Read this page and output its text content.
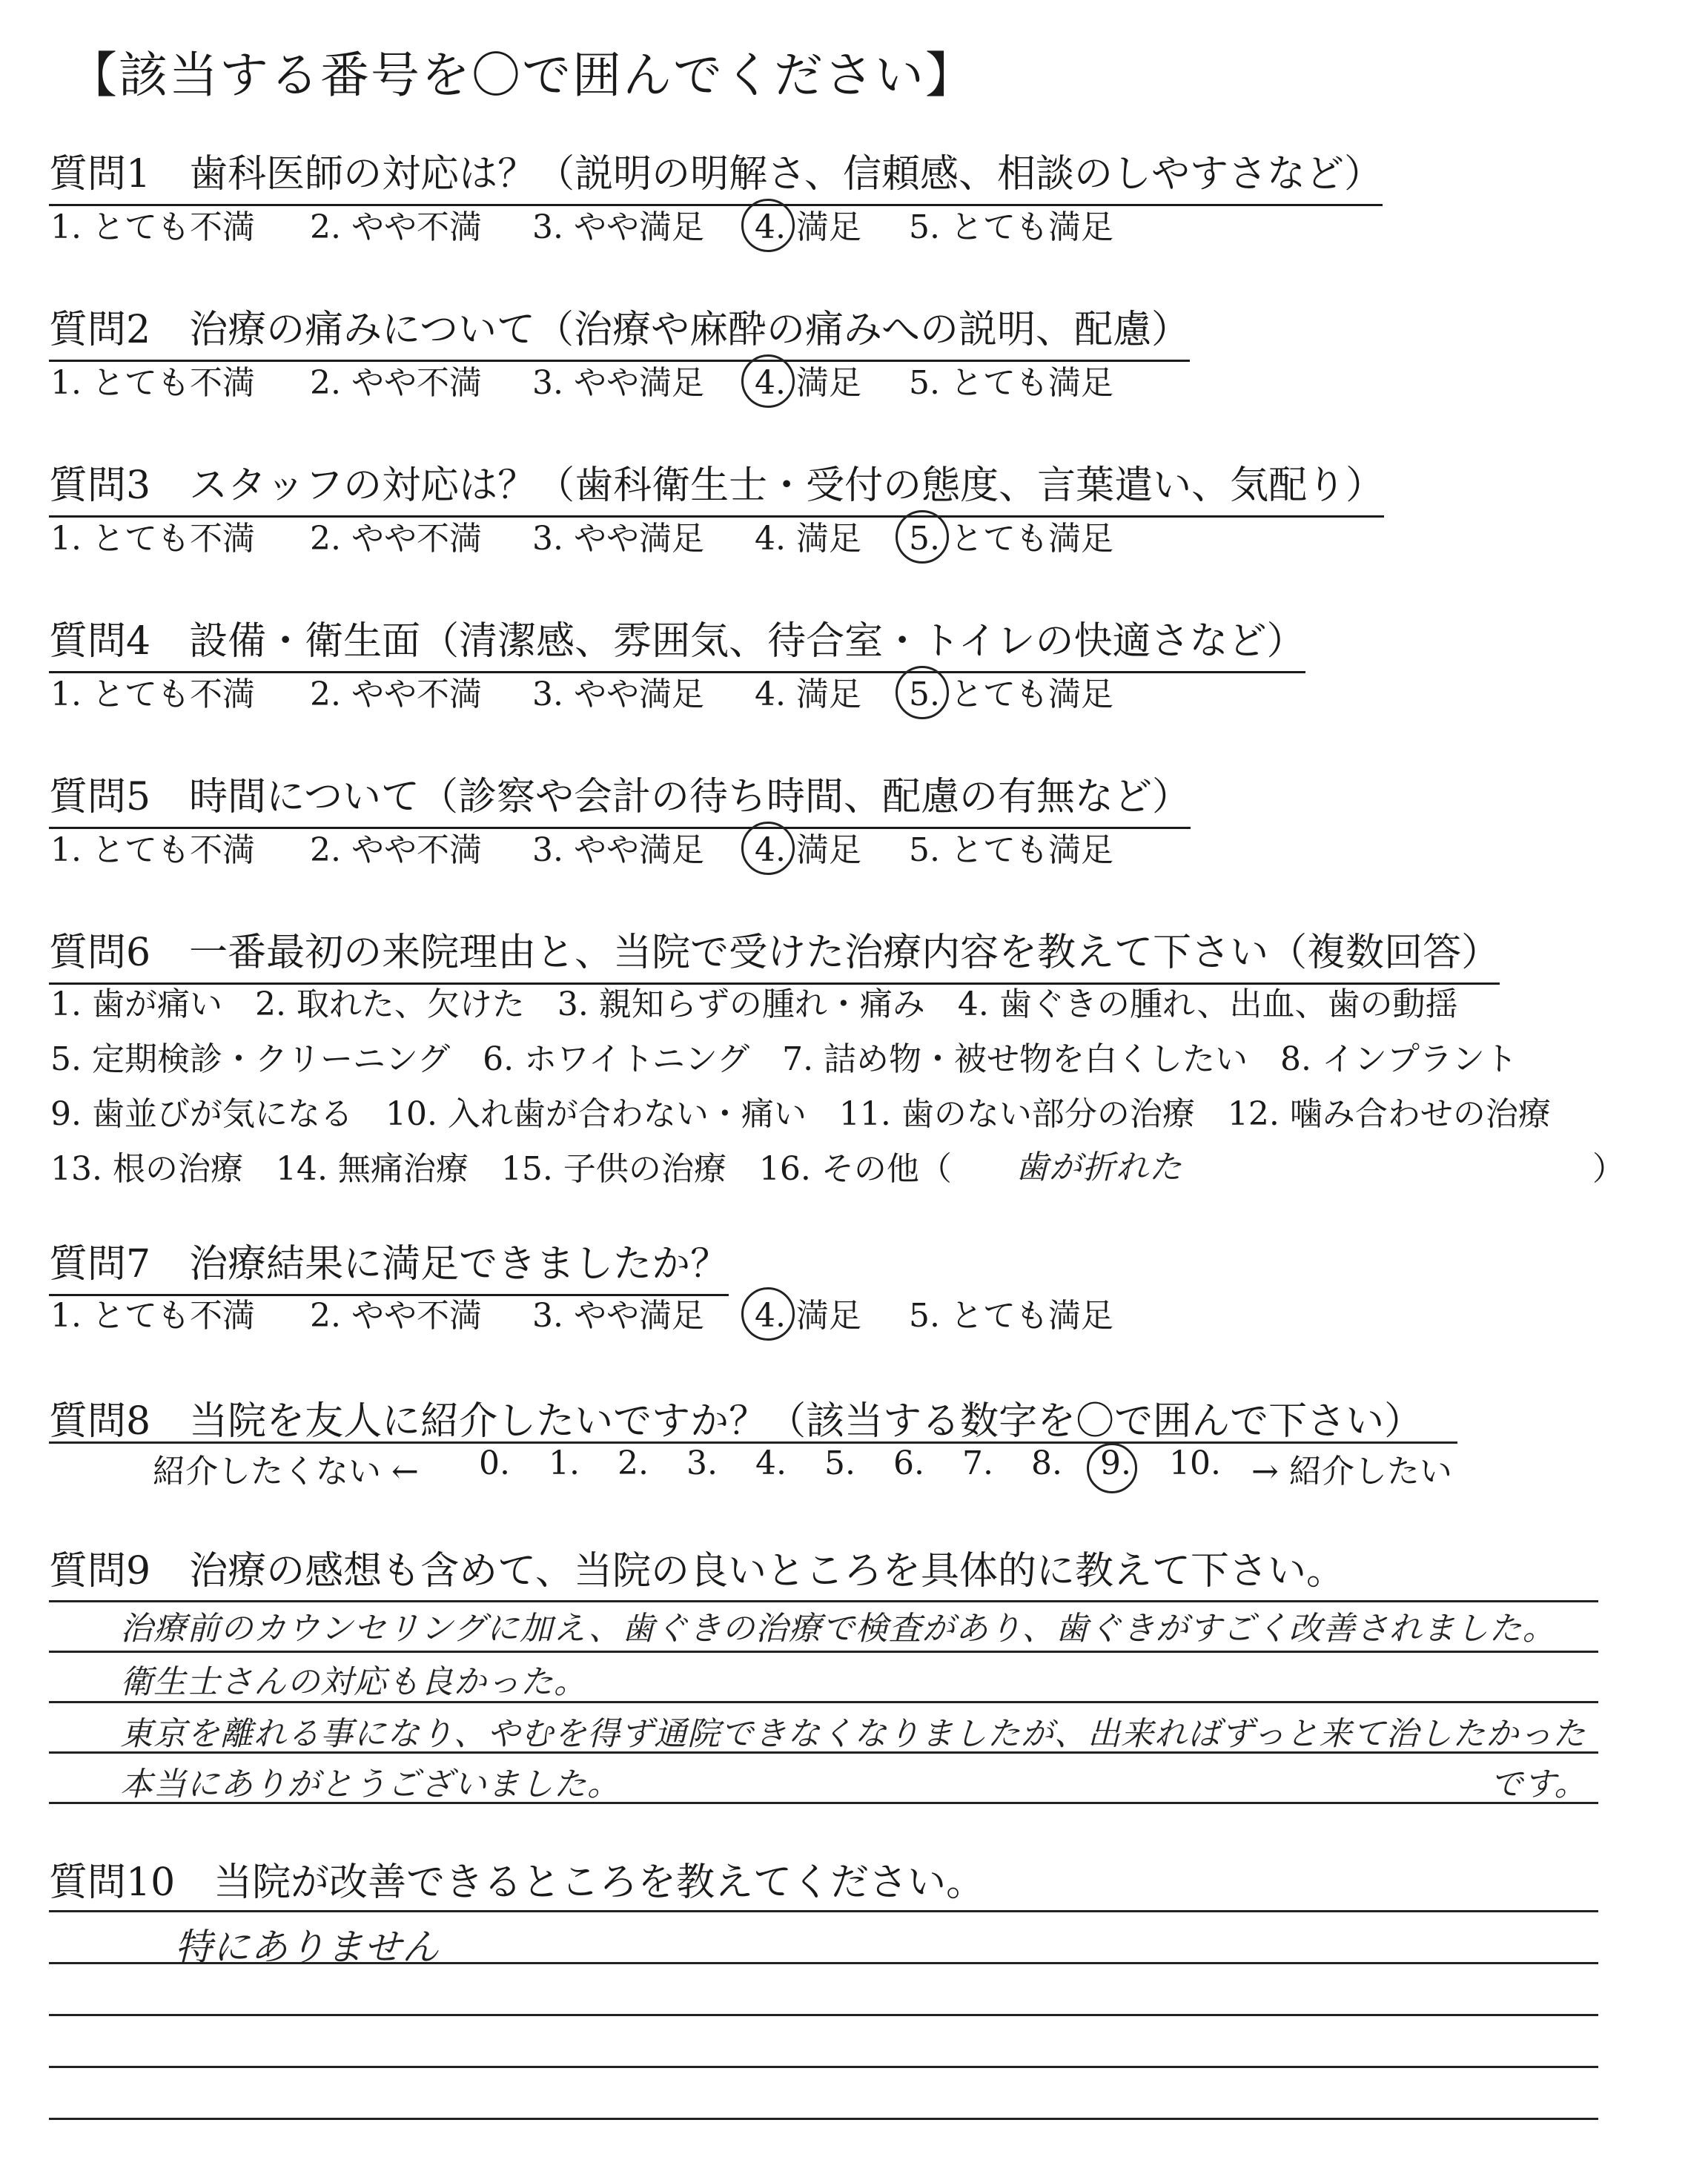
【該当する番号を〇で囲んでください】
質問1　歯科医師の対応は？（説明の明解さ、信頼感、相談のしやすさなど）
1. とても不満 2. やや不満 3. やや満足 4. 満足 5. とても満足
質問2　治療の痛みについて（治療や麻酔の痛みへの説明、配慮）
1. とても不満 2. やや不満 3. やや満足 4. 満足 5. とても満足
質問3　スタッフの対応は？（歯科衛生士・受付の態度、言葉遣い、気配り）
1. とても不満 2. やや不満 3. やや満足 4. 満足 5. とても満足
質問4　設備・衛生面（清潔感、雰囲気、待合室・トイレの快適さなど）
1. とても不満 2. やや不満 3. やや満足 4. 満足 5. とても満足
質問5　時間について（診察や会計の待ち時間、配慮の有無など）
1. とても不満 2. やや不満 3. やや満足 4. 満足 5. とても満足
質問6　一番最初の来院理由と、当院で受けた治療内容を教えて下さい（複数回答）
1. 歯が痛い　2. 取れた、欠けた　3. 親知らずの腫れ・痛み　4. 歯ぐきの腫れ、出血、歯の動揺
5. 定期検診・クリーニング　6. ホワイトニング　7. 詰め物・被せ物を白くしたい　8. インプラント
9. 歯並びが気になる　10. 入れ歯が合わない・痛い　11. 歯のない部分の治療　12. 噛み合わせの治療
13. 根の治療　14. 無痛治療　15. 子供の治療　16. その他（ 歯が折れた	）
質問7　治療結果に満足できましたか？
1. とても不満 2. やや不満 3. やや満足 4. 満足 5. とても満足
質問8　当院を友人に紹介したいですか？（該当する数字を〇で囲んで下さい）
紹介したくない ← 0. 1. 2. 3. 4. 5. 6. 7. 8. 9. 10. → 紹介したい
質問9　治療の感想も含めて、当院の良いところを具体的に教えて下さい。
治療前のカウンセリングに加え、歯ぐきの治療で検査があり、歯ぐきがすごく改善されました。
衛生士さんの対応も良かった。
東京を離れる事になり、やむを得ず通院できなくなりましたが、出来ればずっと来て治したかった
本当にありがとうございました。	です。
質問10　当院が改善できるところを教えてください。
特にありません
